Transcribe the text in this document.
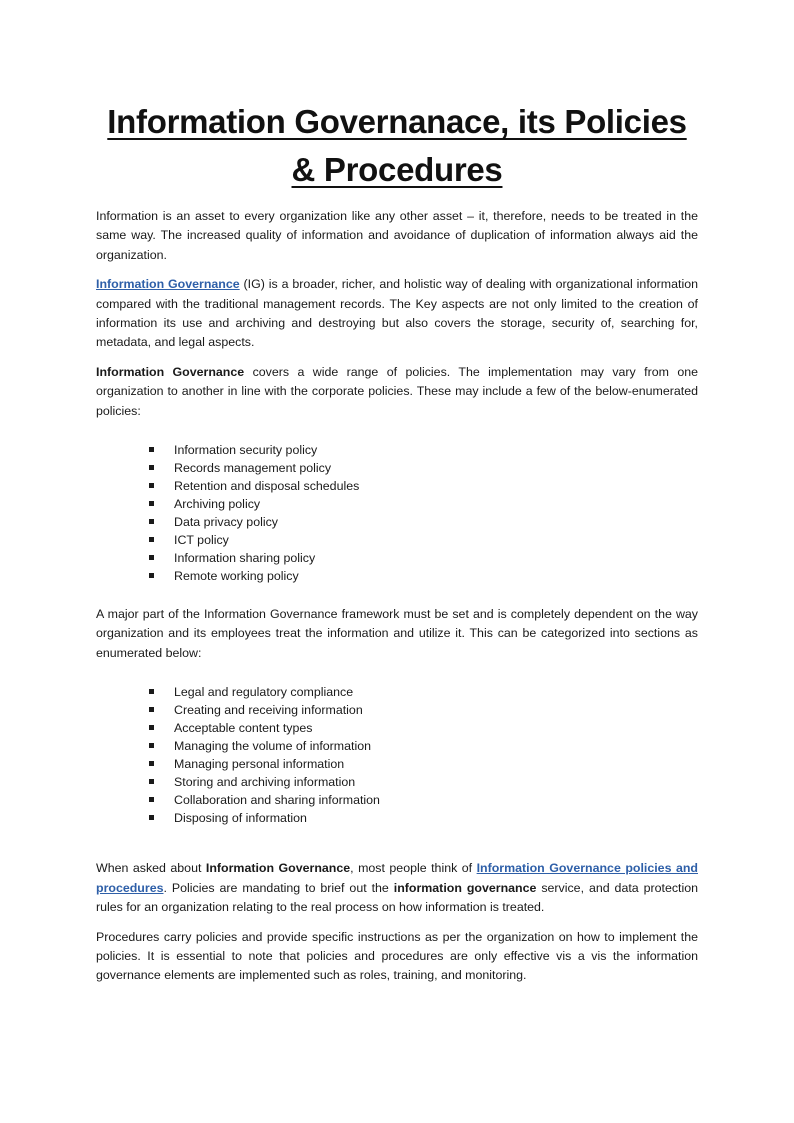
Information Governanace, its Policies
& Procedures

Information is an asset to every organization like any other asset – it, therefore, needs to be treated in the same way. The increased quality of information and avoidance of duplication of information always aid the organization.

Information Governance (IG) is a broader, richer, and holistic way of dealing with organizational information compared with the traditional management records. The Key aspects are not only limited to the creation of information its use and archiving and destroying but also covers the storage, security of, searching for, metadata, and legal aspects.

Information Governance covers a wide range of policies. The implementation may vary from one organization to another in line with the corporate policies. These may include a few of the below-enumerated policies:

Information security policy
Records management policy
Retention and disposal schedules
Archiving policy
Data privacy policy
ICT policy
Information sharing policy
Remote working policy

A major part of the Information Governance framework must be set and is completely dependent on the way organization and its employees treat the information and utilize it. This can be categorized into sections as enumerated below:

Legal and regulatory compliance
Creating and receiving information
Acceptable content types
Managing the volume of information
Managing personal information
Storing and archiving information
Collaboration and sharing information
Disposing of information

When asked about Information Governance, most people think of Information Governance policies and procedures. Policies are mandating to brief out the information governance service, and data protection rules for an organization relating to the real process on how information is treated.

Procedures carry policies and provide specific instructions as per the organization on how to implement the policies. It is essential to note that policies and procedures are only effective vis a vis the information governance elements are implemented such as roles, training, and monitoring.
